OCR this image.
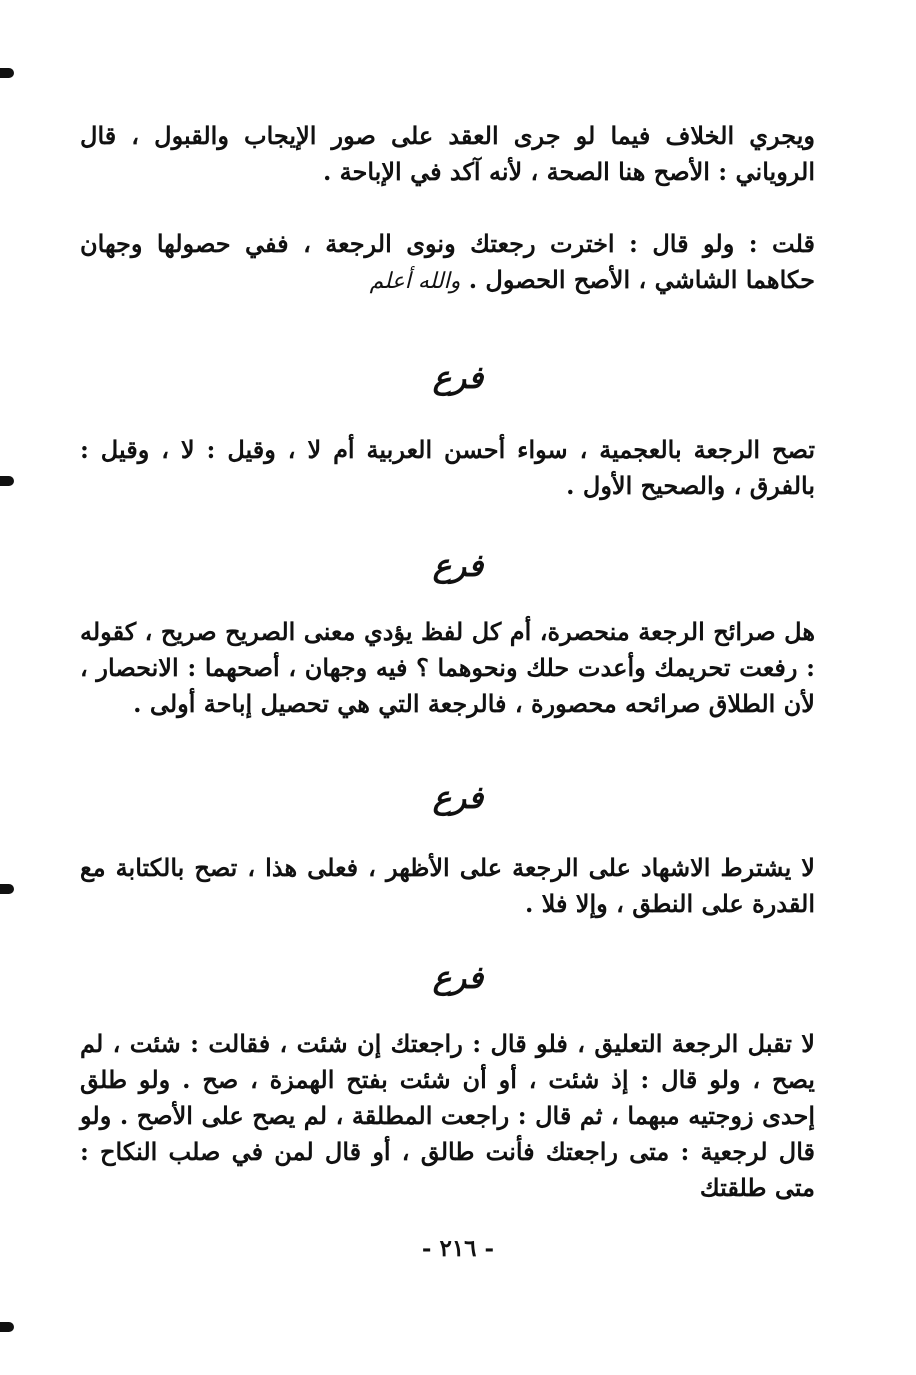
ويجري الخلاف فيما لو جرى العقد على صور الإيجاب والقبول ، قال الروياني : الأصح هنا الصحة ، لأنه آكد في الإباحة .

قلت : ولو قال : اخترت رجعتك ونوى الرجعة ، ففي حصولها وجهان حكاهما الشاشي ، الأصح الحصول . والله أعلم

فرع

تصح الرجعة بالعجمية ، سواء أحسن العربية أم لا ، وقيل : لا ، وقيل : بالفرق ، والصحيح الأول .

فرع

هل صرائح الرجعة منحصرة، أم كل لفظ يؤدي معنى الصريح صريح ، كقوله : رفعت تحريمك وأعدت حلك ونحوهما ؟ فيه وجهان ، أصحهما : الانحصار ، لأن الطلاق صرائحه محصورة ، فالرجعة التي هي تحصيل إباحة أولى .

فرع

لا يشترط الاشهاد على الرجعة على الأظهر ، فعلى هذا ، تصح بالكتابة مع القدرة على النطق ، وإلا فلا .

فرع

لا تقبل الرجعة التعليق ، فلو قال : راجعتك إن شئت ، فقالت : شئت ، لم يصح ، ولو قال : إذ شئت ، أو أن شئت بفتح الهمزة ، صح . ولو طلق إحدى زوجتيه مبهما ، ثم قال : راجعت المطلقة ، لم يصح على الأصح . ولو قال لرجعية : متى راجعتك فأنت طالق ، أو قال لمن في صلب النكاح : متى طلقتك

- ٢١٦ -
